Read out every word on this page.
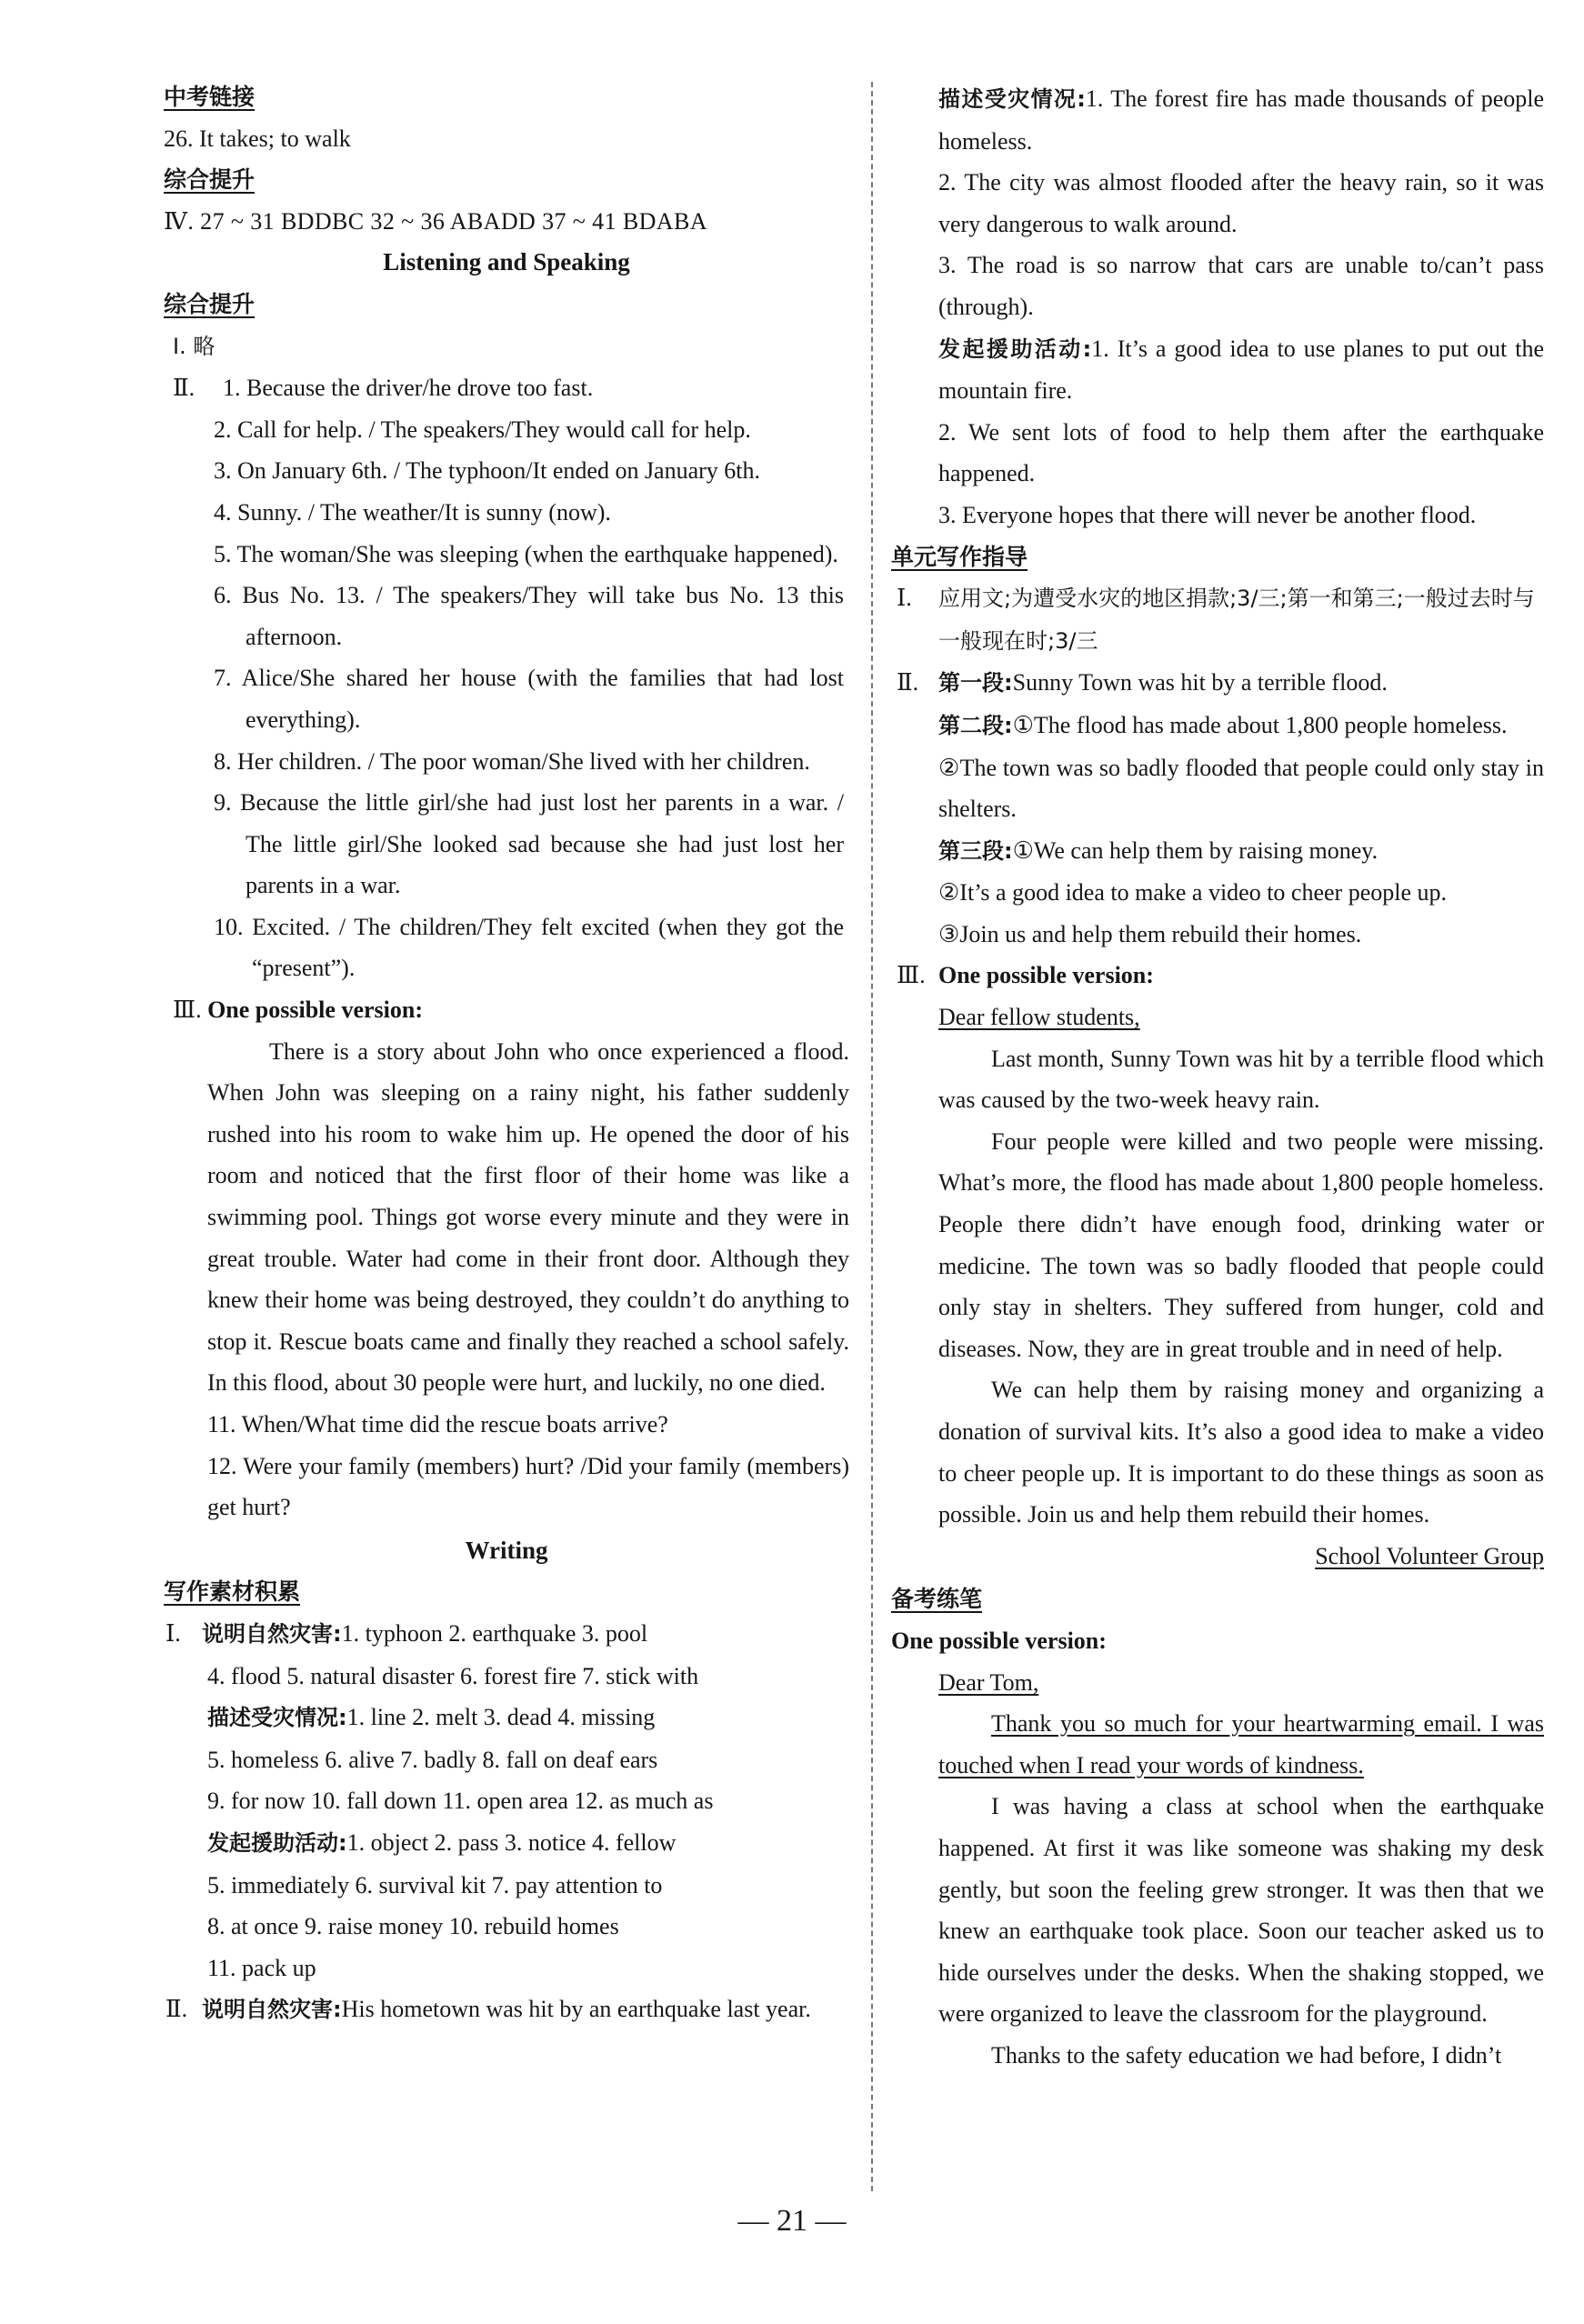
中考链接
26. It takes; to walk
综合提升
Ⅳ. 27 ~ 31 BDDBC 32 ~ 36 ABADD 37 ~ 41 BDABA
Listening and Speaking
综合提升
Ⅰ. 略
Ⅱ.	1. Because the driver/he drove too fast.
2. Call for help. / The speakers/They would call for help.
3. On January 6th. / The typhoon/It ended on January 6th.
4. Sunny. / The weather/It is sunny (now).
5. The woman/She was sleeping (when the earthquake happened).
6. Bus No. 13. / The speakers/They will take bus No. 13 this afternoon.
7. Alice/She shared her house (with the families that had lost everything).
8. Her children. / The poor woman/She lived with her children.
9. Because the little girl/she had just lost her parents in a war. / The little girl/She looked sad because she had just lost her parents in a war.
10. Excited. / The children/They felt excited (when they got the “present”).
Ⅲ. One possible version:
There is a story about John who once experienced a flood. When John was sleeping on a rainy night, his father suddenly rushed into his room to wake him up. He opened the door of his room and noticed that the first floor of their home was like a swimming pool. Things got worse every minute and they were in great trouble. Water had come in their front door. Although they knew their home was being destroyed, they couldn’t do anything to stop it. Rescue boats came and finally they reached a school safely. In this flood, about 30 people were hurt, and luckily, no one died.
11. When/What time did the rescue boats arrive?
12. Were your family (members) hurt? /Did your family (members) get hurt?
Writing
写作素材积累
Ⅰ. 说明自然灾害:1. typhoon 2. earthquake 3. pool
4. flood 5. natural disaster 6. forest fire 7. stick with
描述受灾情况:1. line 2. melt 3. dead 4. missing
5. homeless 6. alive 7. badly 8. fall on deaf ears
9. for now 10. fall down 11. open area 12. as much as
发起援助活动:1. object 2. pass 3. notice 4. fellow
5. immediately 6. survival kit 7. pay attention to
8. at once 9. raise money 10. rebuild homes
11. pack up
Ⅱ. 说明自然灾害:His hometown was hit by an earthquake last year.
描述受灾情况:1. The forest fire has made thousands of people homeless.
2. The city was almost flooded after the heavy rain, so it was very dangerous to walk around.
3. The road is so narrow that cars are unable to/can’t pass (through).
发起援助活动:1. It’s a good idea to use planes to put out the mountain fire.
2. We sent lots of food to help them after the earthquake happened.
3. Everyone hopes that there will never be another flood.
单元写作指导
Ⅰ. 应用文;为遭受水灾的地区捐款;3/三;第一和第三;一般过去时与一般现在时;3/三
Ⅱ. 第一段:Sunny Town was hit by a terrible flood.
第二段:①The flood has made about 1,800 people homeless.
②The town was so badly flooded that people could only stay in shelters.
第三段:①We can help them by raising money.
②It’s a good idea to make a video to cheer people up.
③Join us and help them rebuild their homes.
Ⅲ. One possible version:
Dear fellow students,
Last month, Sunny Town was hit by a terrible flood which was caused by the two-week heavy rain.
Four people were killed and two people were missing. What’s more, the flood has made about 1,800 people homeless. People there didn’t have enough food, drinking water or medicine. The town was so badly flooded that people could only stay in shelters. They suffered from hunger, cold and diseases. Now, they are in great trouble and in need of help.
We can help them by raising money and organizing a donation of survival kits. It’s also a good idea to make a video to cheer people up. It is important to do these things as soon as possible. Join us and help them rebuild their homes.
School Volunteer Group
备考练笔
One possible version:
Dear Tom,
Thank you so much for your heartwarming email. I was touched when I read your words of kindness.
I was having a class at school when the earthquake happened. At first it was like someone was shaking my desk gently, but soon the feeling grew stronger. It was then that we knew an earthquake took place. Soon our teacher asked us to hide ourselves under the desks. When the shaking stopped, we were organized to leave the classroom for the playground.
Thanks to the safety education we had before, I didn’t
— 21 —
